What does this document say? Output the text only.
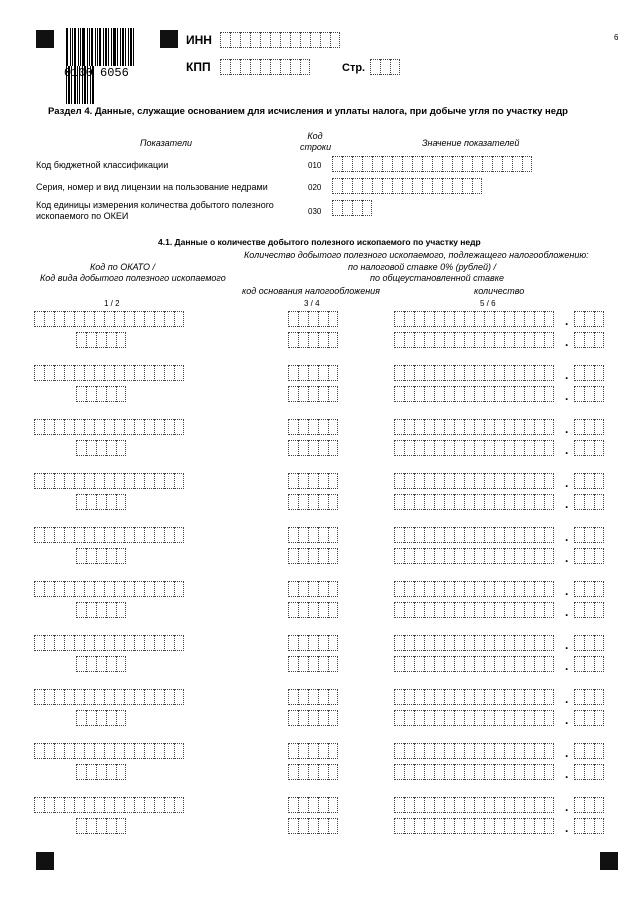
0100 6056
6
ИНН
КПП	Стр.
Раздел 4. Данные, служащие основанием для исчисления и уплаты налога, при добыче угля по участку недр
Показатели
Код строки	Значение показателей
Код бюджетной классификации	010
Серия, номер и вид лицензии на пользование недрами	020
Код единицы измерения количества добытого полезного
ископаемого по ОКЕИ	030
4.1. Данные о количестве добытого полезного ископаемого по участку недр
Количество добытого полезного ископаемого, подлежащего налогообложению:
Код по ОКАТО /	по налоговой ставке 0% (рублей) /
Код вида добытого полезного ископаемого	по общеустановленной ставке
код основания налогообложения	количество
1 / 2	3 / 4	5 / 6
.
.
.
.
.
.
.
.
.
.
.
.
.
.
.
.
.
.
.
.
